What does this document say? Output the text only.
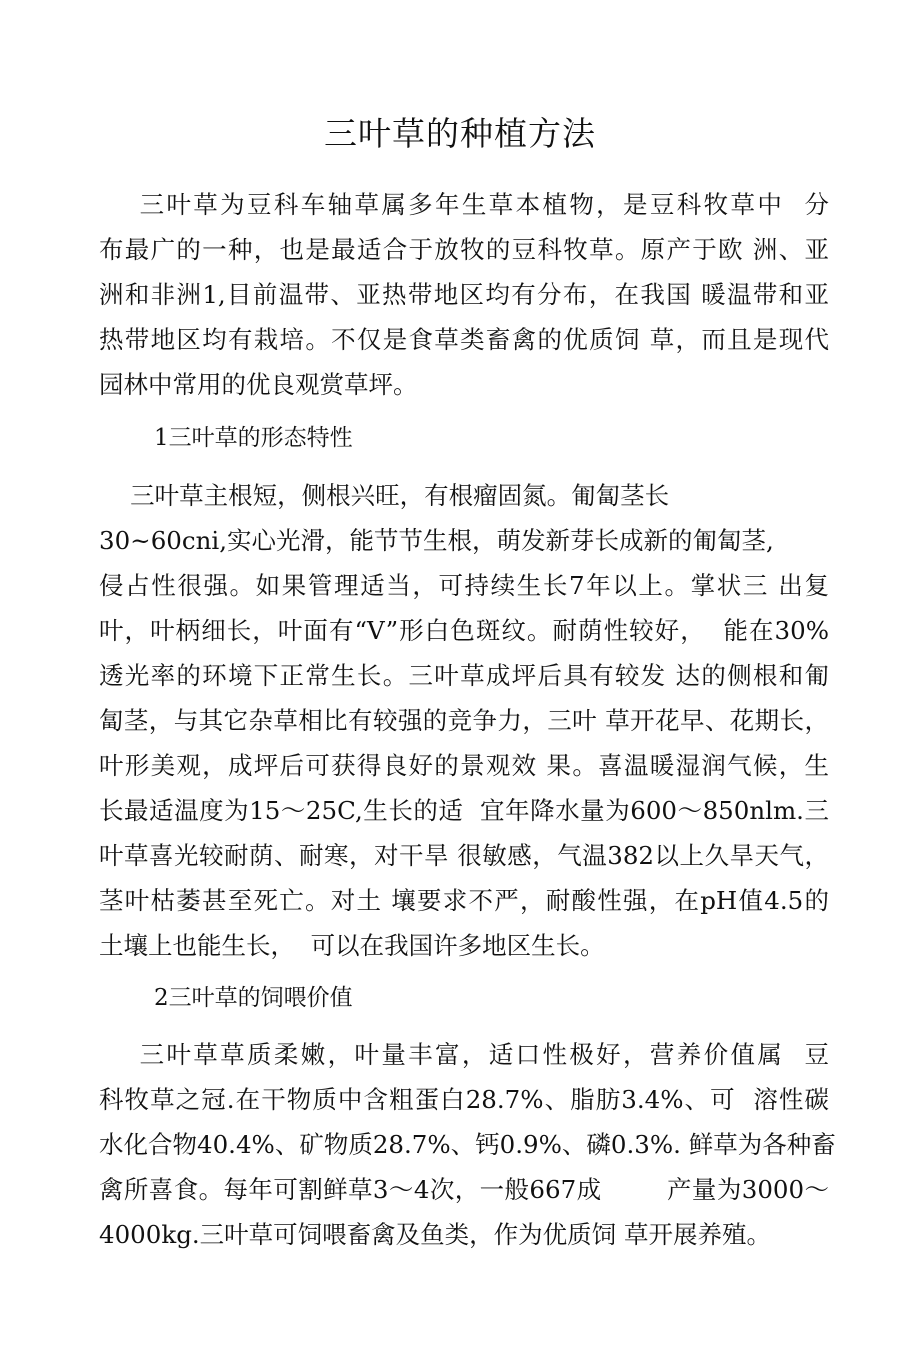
三叶草的种植方法
三叶草为豆科车轴草属多年生草本植物，是豆科牧草中  分
布最广的一种，也是最适合于放牧的豆科牧草。原产于欧 洲、亚
洲和非洲1,目前温带、亚热带地区均有分布，在我国 暖温带和亚
热带地区均有栽培。不仅是食草类畜禽的优质饲 草，而且是现代
园林中常用的优良观赏草坪。
1三叶草的形态特性
三叶草主根短，侧根兴旺，有根瘤固氮。匍匐茎长
30~60cni,实心光滑，能节节生根，萌发新芽长成新的匍匐茎,
侵占性很强。如果管理适当，可持续生长7年以上。掌状三 出复
叶，叶柄细长，叶面有“V”形白色斑纹。耐荫性较好，  能在30%
透光率的环境下正常生长。三叶草成坪后具有较发 达的侧根和匍
匐茎，与其它杂草相比有较强的竞争力，三叶 草开花早、花期长，
叶形美观，成坪后可获得良好的景观效 果。喜温暖湿润气候，生
长最适温度为15〜25C,生长的适  宜年降水量为600〜850nlm.三
叶草喜光较耐荫、耐寒，对干旱 很敏感，气温382以上久旱天气，
茎叶枯萎甚至死亡。对土 壤要求不严，耐酸性强，在pH值4.5的
土壤上也能生长，  可以在我国许多地区生长。
2三叶草的饲喂价值
三叶草草质柔嫩，叶量丰富，适口性极好，营养价值属  豆
科牧草之冠.在干物质中含粗蛋白28.7%、脂肪3.4%、可  溶性碳
水化合物40.4%、矿物质28.7%、钙0.9%、磷0.3%. 鲜草为各种畜
禽所喜食。每年可割鲜草3〜4次，一般667成        产量为3000〜
4000kg.三叶草可饲喂畜禽及鱼类，作为优质饲 草开展养殖。
